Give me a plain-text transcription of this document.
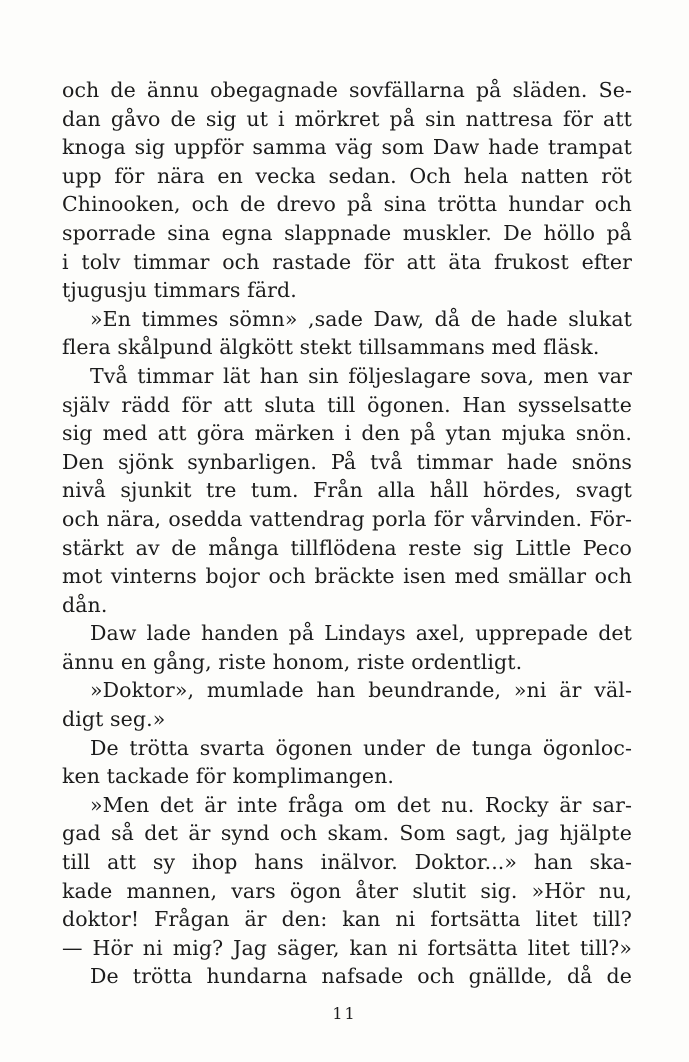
och de ännu obegagnade sovfällarna på släden. Se-
dan gåvo de sig ut i mörkret på sin nattresa för att
knoga sig uppför samma väg som Daw hade trampat
upp för nära en vecka sedan. Och hela natten röt
Chinooken, och de drevo på sina trötta hundar och
sporrade sina egna slappnade muskler. De höllo på
i tolv timmar och rastade för att äta frukost efter
tjugusju timmars färd.
»En timmes sömn» ,sade Daw, då de hade slukat
flera skålpund älgkött stekt tillsammans med fläsk.
Två timmar lät han sin följeslagare sova, men var
själv rädd för att sluta till ögonen. Han sysselsatte
sig med att göra märken i den på ytan mjuka snön.
Den sjönk synbarligen. På två timmar hade snöns
nivå sjunkit tre tum. Från alla håll hördes, svagt
och nära, osedda vattendrag porla för vårvinden. För-
stärkt av de många tillflödena reste sig Little Peco
mot vinterns bojor och bräckte isen med smällar och
dån.
Daw lade handen på Lindays axel, upprepade det
ännu en gång, riste honom, riste ordentligt.
»Doktor», mumlade han beundrande, »ni är väl-
digt seg.»
De trötta svarta ögonen under de tunga ögonloc-
ken tackade för komplimangen.
»Men det är inte fråga om det nu. Rocky är sar-
gad så det är synd och skam. Som sagt, jag hjälpte
till att sy ihop hans inälvor. Doktor...» han ska-
kade mannen, vars ögon åter slutit sig. »Hör nu,
doktor! Frågan är den: kan ni fortsätta litet till?
— Hör ni mig? Jag säger, kan ni fortsätta litet till?»
De trötta hundarna nafsade och gnällde, då de
11
